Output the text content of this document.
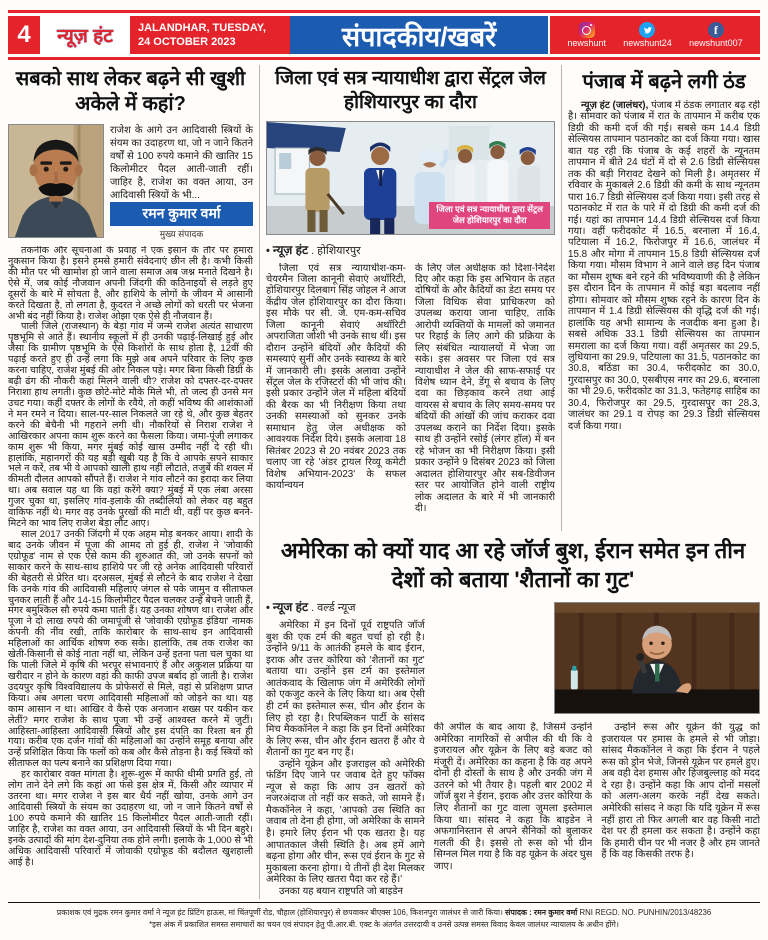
4	न्यूज़ हंट	JALANDHAR, TUESDAY,
24 OCTOBER 2023	संपादकीय/खबरें	newshunt newshunt24
f
newshunt007
सबको साथ लेकर बढ़ने सी खुशी अकेले में कहां?
राजेश के आगे उन आदिवासी स्त्रियों के संयम का उदाहरण था, जो न जाने कितने वर्षों से 100 रुपये कमाने की खातिर 15 किलोमीटर पैदल आती-जाती रहीं। जाहिर है, राजेश का वक्त आया, उन आदिवासी स्त्रियों के भी...
रमन कुमार वर्मा
मुख्य संपादक

तकनीक और सूचनाओं के प्रवाह ने एक इंसान के तौर पर हमारा नुकसान किया है। इसने हमसे हमारी संवेदनाएं छीन ली है। कभी किसी की मौत पर भी खामोश हो जाने वाला समाज अब जश्न मनाते दिखने है। ऐसे में, जब कोई नौजवान अपनी जिंदगी की कठिनाइयों से लड़ते हुए दूसरों के बारे में सोचता है, और हाशिये के लोगों के जीवन में आसानी करते दिखता है, तो लगता है, कुदरत ने अच्छे लोगों को धरती पर भेजना अभी बंद नहीं किया है। राजेश ओझा एक ऐसे ही नौजवान हैं।

पाली जिले (राजस्थान) के बेड़ा गांव में जन्मे राजेश अत्यंत साधारण पृष्ठभूमि से आते हैं। स्थानीय स्कूलों में ही उनकी पढ़ाई-लिखाई हुई और जैसा कि ग्रामीण पृष्ठभूमि के ऐसे किशोरों के साथ होता है, 12वीं की पढ़ाई करते हुए ही उन्हें लगा कि मुझे अब अपने परिवार के लिए कुछ करना चाहिए, राजेश मुंबई की ओर निकल पड़े। मगर बिना किसी डिग्री के बढ़ी ढंग की नौकरी कहां मिलने वाली थी? राजेश को दफ्तर-दर-दफ्तर निराशा हाथ लगती। कुछ छोटे-मोटे मौके मिले भी, तो जल्द ही उनसे मन उचट गया। कहीं दफ्तर के लोगों के रवैये, तो कहीं भविष्य की आशंकाओं ने मन रमने न दिया। साल-पर-साल निकलते जा रहे थे, और कुछ बेहतर करने की बेचैनी भी गहराने लगी थी। नौकरियों से निराश राजेश ने आखिरकार अपना काम शुरू करने का फैसला किया। जमा-पूंजी लगाकर काम शुरू भी किया, मगर मुंबई कोई खास उम्मीद नहीं दे रही थी। हालांकि, महानगरों की यह बड़ी खूबी यह है कि वे आपके सपने साकार भले न करें, तब भी वे आपको खाली हाथ नहीं लौटाते, तजुर्बे की शक्ल में कीमती दौलत आपको सौंपते हैं। राजेश ने गांव लौटने का इरादा कर लिया था। अब सवाल यह था कि वहां करेंगे क्या? मुंबई में एक लंबा अरसा गुजर चुका था, इसलिए गांव-इलाके की तब्दीलियों को लेकर वह बहुत वाकिफ नहीं थे। मगर वह उनके पुरखों की माटी थी, वहीं पर कुछ बनने-मिटने का भाव लिए राजेश बेड़ा लौट आए।

साल 2017 उनकी जिंदगी में एक अहम मोड़ बनकर आया। शादी के बाद उनके जीवन में पूजा की आमद तो हुई ही, राजेश ने 'जोवाकी एग्रोफूड' नाम से एक ऐसे काम की शुरुआत की, जो उनके सपनों को साकार करने के साथ-साथ हाशिये पर जी रहे अनेक आदिवासी परिवारों की बेहतरी से प्रेरित था। दरअसल, मुंबई से लौटने के बाद राजेश ने देखा कि उनके गांव की आदिवासी महिलाएं जंगल से पके जामुन व सीताफल चुनकर लाती हैं और 14-15 किलोमीटर पैदल चलकर उन्हें बेचने जाती हैं, मगर बमुश्किल सौ रुपये कमा पाती हैं। यह उनका शोषण था। राजेश और पूजा ने दो लाख रुपये की जमापूंजी से 'जोवाकी एग्रोफूड इंडिया' नामक कंपनी की नींव रखी, ताकि कारोबार के साथ-साथ इन आदिवासी महिलाओं का आर्थिक शोषण रुक सके। हालांकि, तब तक राजेश का खेती-किसानी से कोई नाता नहीं था, लेकिन उन्हें इतना पता चल चुका था कि पाली जिले में कृषि की भरपूर संभावनाएं हैं और अकुशल प्रक्रिया या खरीदार न होने के कारण वहां की काफी उपज बर्बाद हो जाती है। राजेश उदयपुर कृषि विश्वविद्यालय के प्रोफेसरों से मिले, वहां से प्रशिक्षण प्राप्त किया। अब अगला चरण आदिवासी महिलाओं को जोड़ने का था। यह काम आसान न था। आखिर वे कैसे एक अनजान शख्स पर यकीन कर लेतीं? मगर राजेश के साथ पूजा भी उन्हें आश्वस्त करने में जुटीं। आहिस्ता-आहिस्ता आदिवासी स्त्रियों और इस दंपति का रिश्ता बन ही गया। करीब एक दर्जन गांवों की महिलाओं का उन्होंने समूह बनाया और उन्हें प्रशिक्षित किया कि फलों को कब और कैसे तोड़ना है। कई स्त्रियों को सीताफल का पल्प बनाने का प्रशिक्षण दिया गया।

हर कारोबार वक्त मांगता है। शुरू-शुरू में काफी धीमी प्रगति हुई, तो लोग ताने देने लगे कि कहां आ फंसे इस क्षेत्र में, किसी और व्यापार में उतरना था। मगर राजेश ने इस बार धैर्य नहीं खोया, उनके आगे उन आदिवासी स्त्रियों के संयम का उदाहरण था, जो न जाने कितने वर्षों से 100 रुपये कमाने की खातिर 15 किलोमीटर पैदल आती-जाती रहीं। जाहिर है, राजेश का वक्त आया, उन आदिवासी स्त्रियों के भी दिन बहुरे। इनके उत्पादों की मांग देश-दुनिया तक होने लगी। इलाके के 1,000 से भी अधिक आदिवासी परिवारों में जोवाकी एग्रोफूड की बदौलत खुशहाली आई है।

जिला एवं सत्र न्यायाधीश द्वारा सेंट्रल जेल होशियारपुर का दौरा
जिला एवं सत्र न्यायाधीश द्वारा सेंट्रल
जेल होशियारपुर का दौरा
• न्यूज़ हंट . होशियारपुर

जिला एवं सत्र न्यायाधीश-कम-चेयरमैन जिला कानूनी सेवाएं अथॉरिटी, होशियारपुर दिलबाग सिंह जोहल ने आज केंद्रीय जेल होशियारपुर का दौरा किया। इस मौके पर सी. जे. एम-कम-सचिव जिला कानूनी सेवाएं अथॉरिटी अपराजिता जोशी भी उनके साथ थीं। इस दौरान उन्होंने बंदियों और कैदियों की समस्याएं सुनीं और उनके स्वास्थ्य के बारे में जानकारी ली। इसके अलावा उन्होंने सेंट्रल जेल के रजिस्टरों की भी जांच की। इसी प्रकार उन्होंने जेल में महिला बंदियों की बैरक का भी निरीक्षण किया तथा उनकी समस्याओं को सुनकर उनके समाधान हेतु जेल अधीक्षक को आवश्यक निर्देश दिये। इसके अलावा 18 सितंबर 2023 से 20 नवंबर 2023 तक चलाए जा रहे 'अंडर ट्रायल रिव्यू कमेटी विशेष अभियान-2023' के सफल कार्यान्वयन

के लिए जेल अधीक्षक को दिशा-निर्देश दिए और कहा कि इस अभियान के तहत दोषियों के और कैदियों का डेटा समय पर जिला विधिक सेवा प्राधिकरण को उपलब्ध कराया जाना चाहिए, ताकि आरोपी व्यक्तियों के मामलों को जमानत पर रिहाई के लिए आगे की प्रक्रिया के लिए संबंधित न्यायालयों में भेजा जा सके। इस अवसर पर जिला एवं सत्र न्यायाधीश ने जेल की साफ-सफाई पर विशेष ध्यान देने, डेंगू से बचाव के लिए दवा का छिड़काव करने तथा आई वायरस से बचाव के लिए समय-समय पर बंदियों की आंखों की जांच कराकर दवा उपलब्ध कराने का निर्देश दिया। इसके साथ ही उन्होंने रसोई (लंगर हॉल) में बन रहे भोजन का भी निरीक्षण किया। इसी प्रकार उन्होंने 9 दिसंबर 2023 को जिला अदालत होशियारपुर और सब-डिवीजन स्तर पर आयोजित होने वाली राष्ट्रीय लोक अदालत के बारे में भी जानकारी दी।

पंजाब में बढ़ने लगी ठंड

न्यूज़ हंट (जालंधर), पंजाब में ठंडक लगातार बढ़ रही है। सोमवार को पंजाब में रात के तापमान में करीब एक डिग्री की कमी दर्ज की गई। सबसे कम 14.4 डिग्री सेल्सियस तापमान पठानकोट का दर्ज किया गया। खास बात यह रही कि पंजाब के कई शहरों के न्यूनतम तापमान में बीते 24 घंटों में दो से 2.6 डिग्री सेल्सियस तक की बड़ी गिरावट देखने को मिली है। अमृतसर में रविवार के मुकाबले 2.6 डिग्री की कमी के साथ न्यूनतम पारा 16.7 डिग्री सेल्सियस दर्ज किया गया। इसी तरह से पठानकोट में रात के पारे में दो डिग्री की कमी दर्ज की गई। यहां का तापमान 14.4 डिग्री सेल्सियस दर्ज किया गया। वहीं फरीदकोट में 16.5, बरनाला में 16.4, पटियाला में 16.2, फिरोजपुर में 16.6, जालंधर में 15.8 और मोगा में तापमान 15.8 डिग्री सेल्सियस दर्ज किया गया। मौसम विभाग ने आने वाले छह दिन पंजाब का मौसम शुष्क बने रहने की भविष्यवाणी की है लेकिन इस दौरान दिन के तापमान में कोई बड़ा बदलाव नहीं होगा। सोमवार को मौसम शुष्क रहने के कारण दिन के तापमान में 1.4 डिग्री सेल्सियस की वृद्धि दर्ज की गई। हालांकि यह अभी सामान्य के नजदीक बना हुआ है। सबसे अधिक 33.1 डिग्री सेल्सियस का तापमान समराला का दर्ज किया गया। वहीं अमृतसर का 29.5, लुधियाना का 29.9, पटियाला का 31.5, पठानकोट का 30.8, बठिंडा का 30.4, फरीदकोट का 30.0, गुरदासपुर का 30.0, एसबीएस नगर का 29.6, बरनाला का भी 29.6, फरीदकोट का 31.3, फतेहगढ़ साहिब का 30.4, फिरोजपुर का 29.5, गुरदासपुर का 28.3, जालंधर का 29.1 व रोपड़ का 29.3 डिग्री सेल्सियस दर्ज किया गया।

अमेरिका को क्यों याद आ रहे जॉर्ज बुश, ईरान समेत इन तीन देशों को बताया 'शैतानों का गुट'
• न्यूज हंट . वर्ल्ड न्यूज

अमेरिका में इन दिनों पूर्व राष्ट्रपति जॉर्ज बुश की एक टर्म की बहुत चर्चा हो रही है। उन्होंने 9/11 के आतंकी हमले के बाद ईरान, इराक और उत्तर कोरिया को 'शैतानों का गुट' बताया था। उन्होंने इस टर्म का इस्तेमाल आतंकवाद के खिलाफ जंग में अमेरिकी लोगों को एकजुट करने के लिए किया था। अब ऐसी ही टर्म का इस्तेमाल रूस, चीन और ईरान के लिए हो रहा है। रिपब्लिकन पार्टी के सांसद मिच मैककॉनेल ने कहा कि इन दिनों अमेरिका के लिए रूस, चीन और ईरान खतरा हैं और ये शैतानों का गुट बन गए हैं।

उन्होंने यूक्रेन और इजराइल को अमेरिकी फंडिंग दिए जाने पर जवाब देते हुए फॉक्स न्यूज से कहा कि आप उन खतरों को नजरअंदाज तो नहीं कर सकते, जो सामने हैं। मैककॉनेल ने कहा, 'आपको उस स्थिति का जवाब तो देना ही होगा, जो अमेरिका के सामने है। हमारे लिए ईरान भी एक खतरा है। यह आपातकाल जैसी स्थिति है। अब हमें आगे बढ़ना होगा और चीन, रूस एवं ईरान के गुट से मुकाबला करना होगा। ये तीनों ही देश मिलकर अमेरिका के लिए खतरा पैदा कर रहे हैं।'

उनका यह बयान राष्ट्रपति जो बाइडेन

की अपील के बाद आया है, जिसमें उन्होंने अमेरिका नागरिकों से अपील की थी कि वे इजरायल और यूक्रेन के लिए बड़े बजट को मंजूरी दें। अमेरिका का कहना है कि वह अपने दोनों ही दोस्तों के साथ है और उनकी जंग में उतरने को भी तैयार है। पहली बार 2002 में जॉर्ज बुश ने ईरान, इराक और उत्तर कोरिया के लिए शैतानों का गुट वाला जुमला इस्तेमाल किया था। सांसद ने कहा कि बाइडेन ने अफगानिस्तान से अपने सैनिकों को बुलाकर गलती की है। इससे तो रूस को भी ग्रीन सिग्नल मिल गया है कि वह यूक्रेन के अंदर घुस जाए।

उन्होंने रूस और यूक्रेन की युद्ध को इजरायल पर हमास के हमले से भी जोड़ा। सांसद मैककॉनेल ने कहा कि ईरान ने पहले रूस को ड्रोन भेजे, जिनसे यूक्रेन पर हमले हुए। अब वही देश हमास और हिजबुल्लाह को मदद दे रहा है। उन्होंने कहा कि आप दोनों मसलों को अलग-अलग करके नहीं देख सकते। अमेरिकी सांसद ने कहा कि यदि यूक्रेन में रूस नहीं हारा तो फिर अगली बार वह किसी नाटो देश पर ही हमला कर सकता है। उन्होंने कहा कि हमारी चीन पर भी नजर है और हम जानते हैं कि वह किसकी तरफ है।

प्रकाशक एवं मुद्रक रमन कुमार वर्मा ने न्यूज हंट प्रिंटिंग हाऊस, मां चिंतपूर्णी रोड, चौहाल (होशियारपुर) से छपवाकर बीएक्स 106, किशनपुरा जालंधर से जारी किया। संपादक : रमन कुमार वर्मा RNI REGD. NO. PUNHIN/2013/48236
*इस अंक में प्रकाशित समस्त समाचारों का चयन एवं संपादन हेतु पी.आर.बी. एक्ट के अंतर्गत उत्तरदायी व उनसे उत्पन्न समस्त विवाद केवल जालंधर न्यायालय के अधीन होंगे।
